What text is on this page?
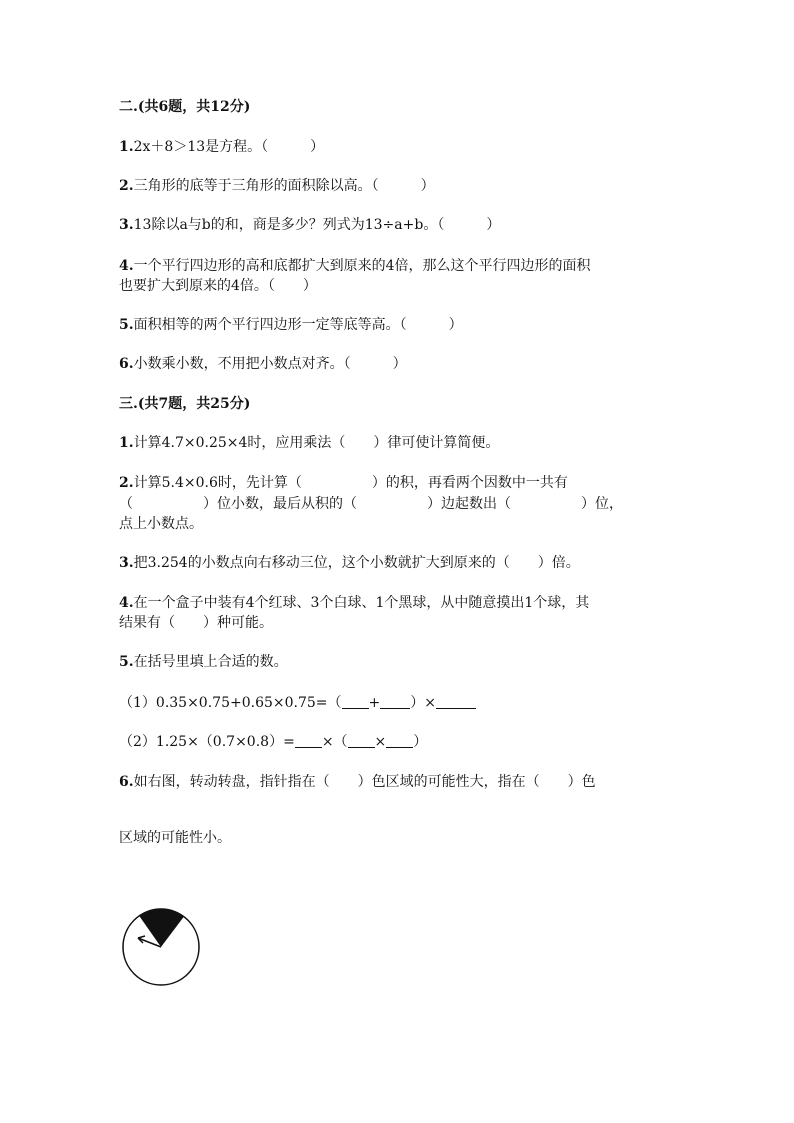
二.(共6题，共12分)
1.2x＋8＞13是方程。（　　　）
2.三角形的底等于三角形的面积除以高。（　　　）
3.13除以a与b的和，商是多少？列式为13÷a+b。（　　　）
4.一个平行四边形的高和底都扩大到原来的4倍，那么这个平行四边形的面积
也要扩大到原来的4倍。（　　）
5.面积相等的两个平行四边形一定等底等高。（　　　）
6.小数乘小数，不用把小数点对齐。（　　　）
三.(共7题，共25分)
1.计算4.7×0.25×4时，应用乘法（　　）律可使计算简便。
2.计算5.4×0.6时，先计算（　　　　　）的积，再看两个因数中一共有
（　　　　　）位小数，最后从积的（　　　　　）边起数出（　　　　　）位，
点上小数点。
3.把3.254的小数点向右移动三位，这个小数就扩大到原来的（　　）倍。
4.在一个盒子中装有4个红球、3个白球、1个黑球，从中随意摸出1个球，其
结果有（　　）种可能。
5.在括号里填上合适的数。
（1）0.35×0.75+0.65×0.75=（ + ）×
（2）1.25×（0.7×0.8）= ×（ × ）
6.如右图，转动转盘，指针指在（　　）色区域的可能性大，指在（　　）色
区域的可能性小。
